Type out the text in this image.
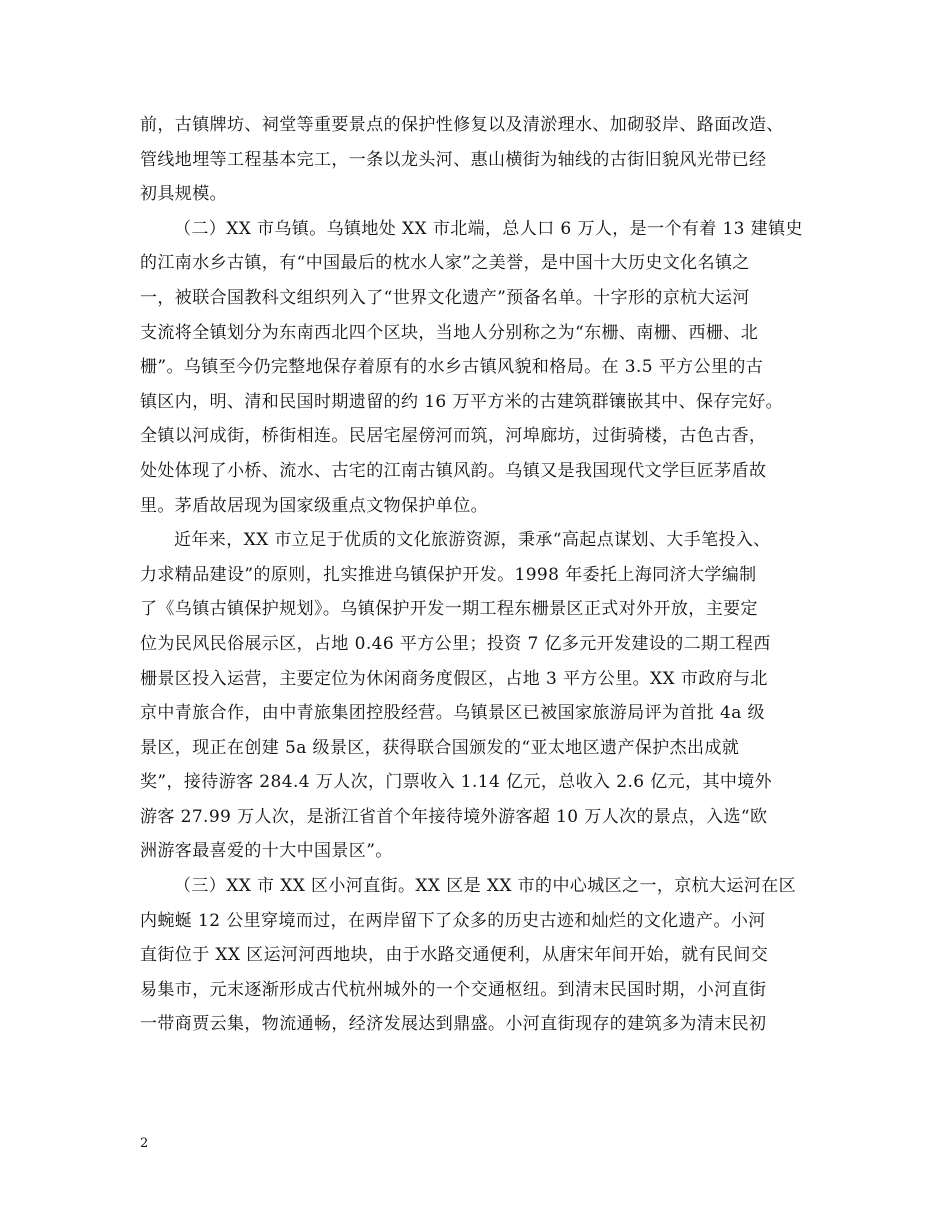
前，古镇牌坊、祠堂等重要景点的保护性修复以及清淤理水、加砌驳岸、路面改造、
管线地埋等工程基本完工，一条以龙头河、惠山横街为轴线的古街旧貌风光带已经
初具规模。

（二）XX 市乌镇。乌镇地处 XX 市北端，总人口 6 万人，是一个有着 13 建镇史
的江南水乡古镇，有“中国最后的枕水人家”之美誉，是中国十大历史文化名镇之
一，被联合国教科文组织列入了“世界文化遗产”预备名单。十字形的京杭大运河
支流将全镇划分为东南西北四个区块，当地人分别称之为“东栅、南栅、西栅、北
栅”。乌镇至今仍完整地保存着原有的水乡古镇风貌和格局。在 3.5 平方公里的古
镇区内，明、清和民国时期遗留的约 16 万平方米的古建筑群镶嵌其中、保存完好。
全镇以河成街，桥街相连。民居宅屋傍河而筑，河埠廊坊，过街骑楼，古色古香，
处处体现了小桥、流水、古宅的江南古镇风韵。乌镇又是我国现代文学巨匠茅盾故
里。茅盾故居现为国家级重点文物保护单位。

近年来，XX 市立足于优质的文化旅游资源，秉承“高起点谋划、大手笔投入、
力求精品建设”的原则，扎实推进乌镇保护开发。1998 年委托上海同济大学编制
了《乌镇古镇保护规划》。乌镇保护开发一期工程东栅景区正式对外开放，主要定
位为民风民俗展示区，占地 0.46 平方公里；投资 7 亿多元开发建设的二期工程西
栅景区投入运营，主要定位为休闲商务度假区，占地 3 平方公里。XX 市政府与北
京中青旅合作，由中青旅集团控股经营。乌镇景区已被国家旅游局评为首批 4a 级
景区，现正在创建 5a 级景区，获得联合国颁发的“亚太地区遗产保护杰出成就
奖”，接待游客 284.4 万人次，门票收入 1.14 亿元，总收入 2.6 亿元，其中境外
游客 27.99 万人次，是浙江省首个年接待境外游客超 10 万人次的景点，入选“欧
洲游客最喜爱的十大中国景区”。

（三）XX 市 XX 区小河直街。XX 区是 XX 市的中心城区之一，京杭大运河在区
内蜿蜒 12 公里穿境而过，在两岸留下了众多的历史古迹和灿烂的文化遗产。小河
直街位于 XX 区运河河西地块，由于水路交通便利，从唐宋年间开始，就有民间交
易集市，元末逐渐形成古代杭州城外的一个交通枢纽。到清末民国时期，小河直街
一带商贾云集，物流通畅，经济发展达到鼎盛。小河直街现存的建筑多为清末民初

2
